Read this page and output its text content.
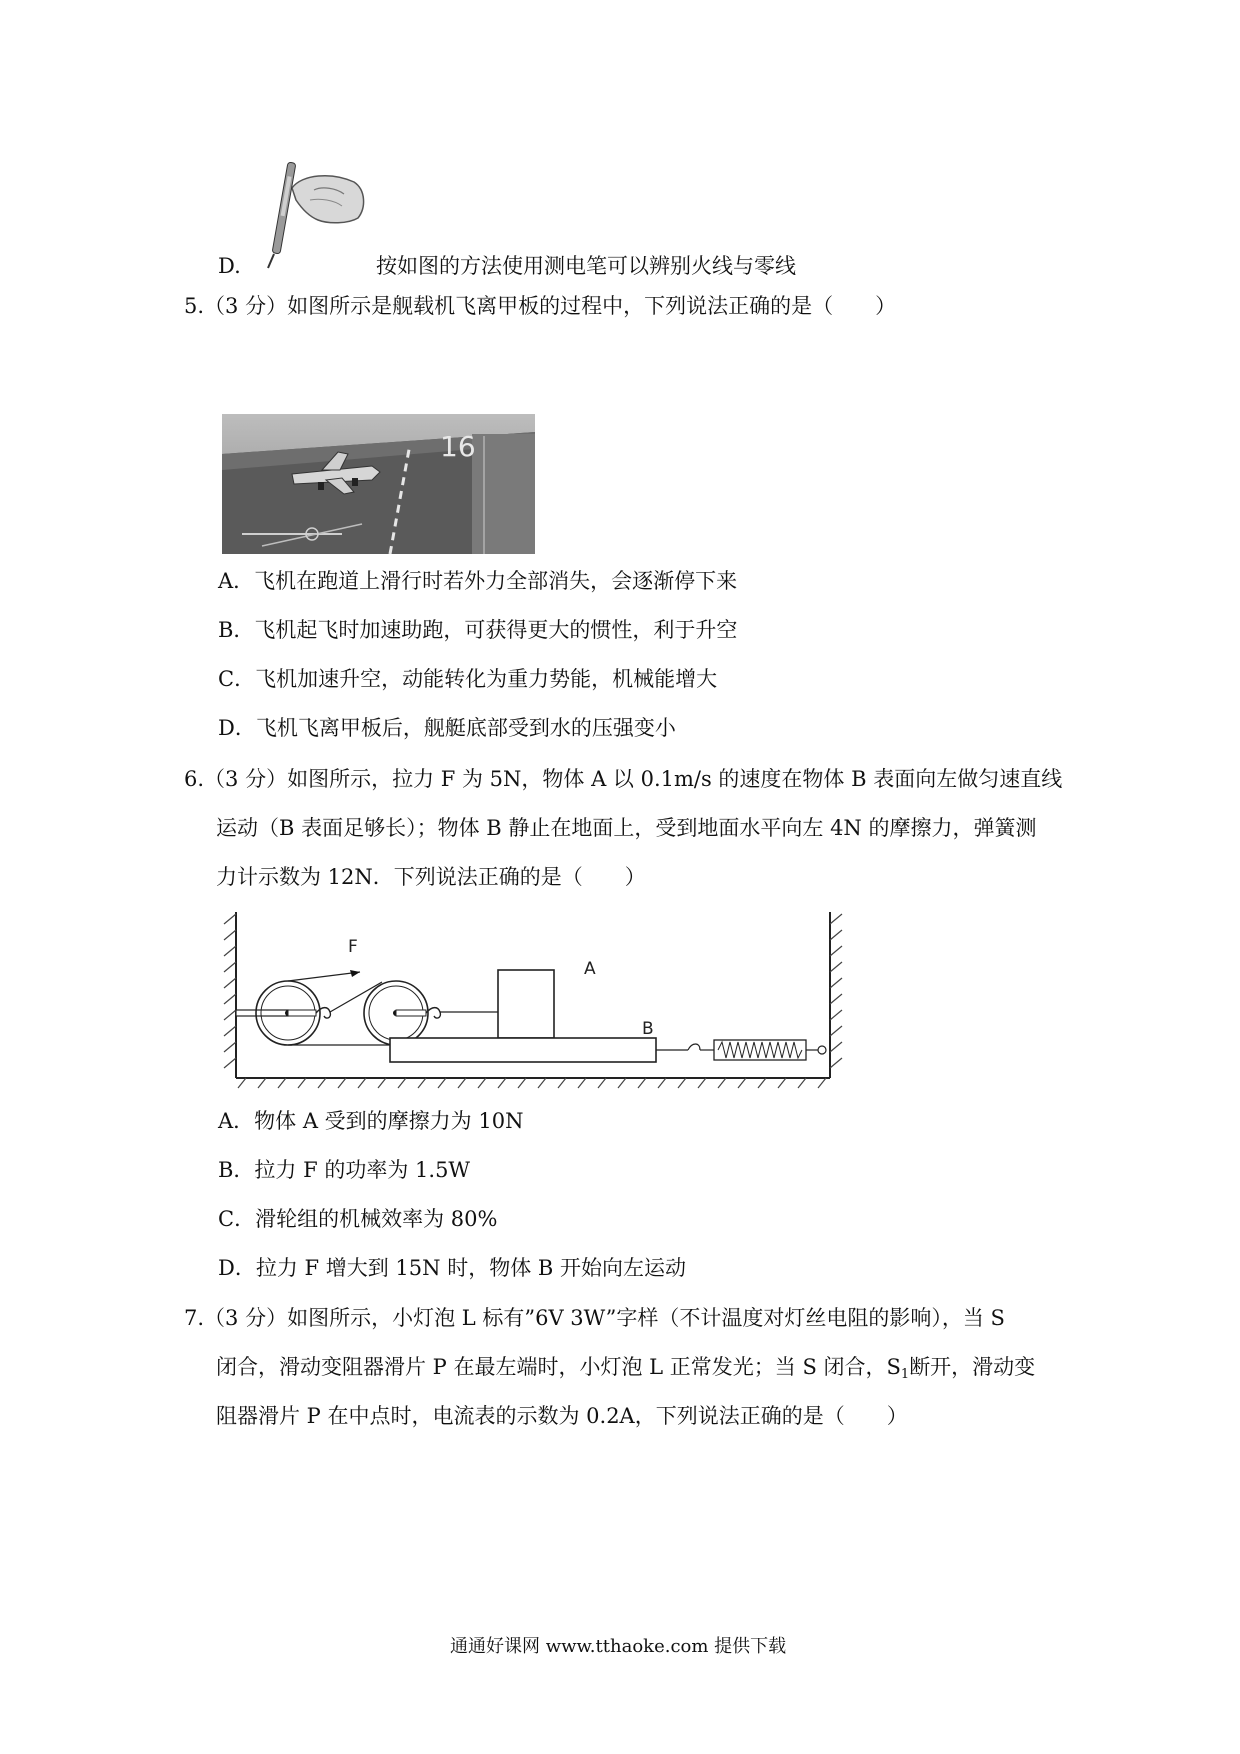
D.	按如图的方法使用测电笔可以辨别火线与零线
5.（3 分）如图所示是舰载机飞离甲板的过程中，下列说法正确的是（　　）
16
A．飞机在跑道上滑行时若外力全部消失，会逐渐停下来
B．飞机起飞时加速助跑，可获得更大的惯性，利于升空
C．飞机加速升空，动能转化为重力势能，机械能增大
D．飞机飞离甲板后，舰艇底部受到水的压强变小
6.（3 分）如图所示，拉力 F 为 5N，物体 A 以 0.1m/s 的速度在物体 B 表面向左做匀速直线
运动（B 表面足够长）；物体 B 静止在地面上，受到地面水平向左 4N 的摩擦力，弹簧测
力计示数为 12N．下列说法正确的是（　　）
F
A
B
A．物体 A 受到的摩擦力为 10N
B．拉力 F 的功率为 1.5W
C．滑轮组的机械效率为 80%
D．拉力 F 增大到 15N 时，物体 B 开始向左运动
7.（3 分）如图所示，小灯泡 L 标有”6V 3W”字样（不计温度对灯丝电阻的影响），当 S
闭合，滑动变阻器滑片 P 在最左端时，小灯泡 L 正常发光；当 S 闭合，$S_1$断开，滑动变
阻器滑片 P 在中点时，电流表的示数为 0.2A，下列说法正确的是（　　）
通通好课网 www.tthaoke.com 提供下载
